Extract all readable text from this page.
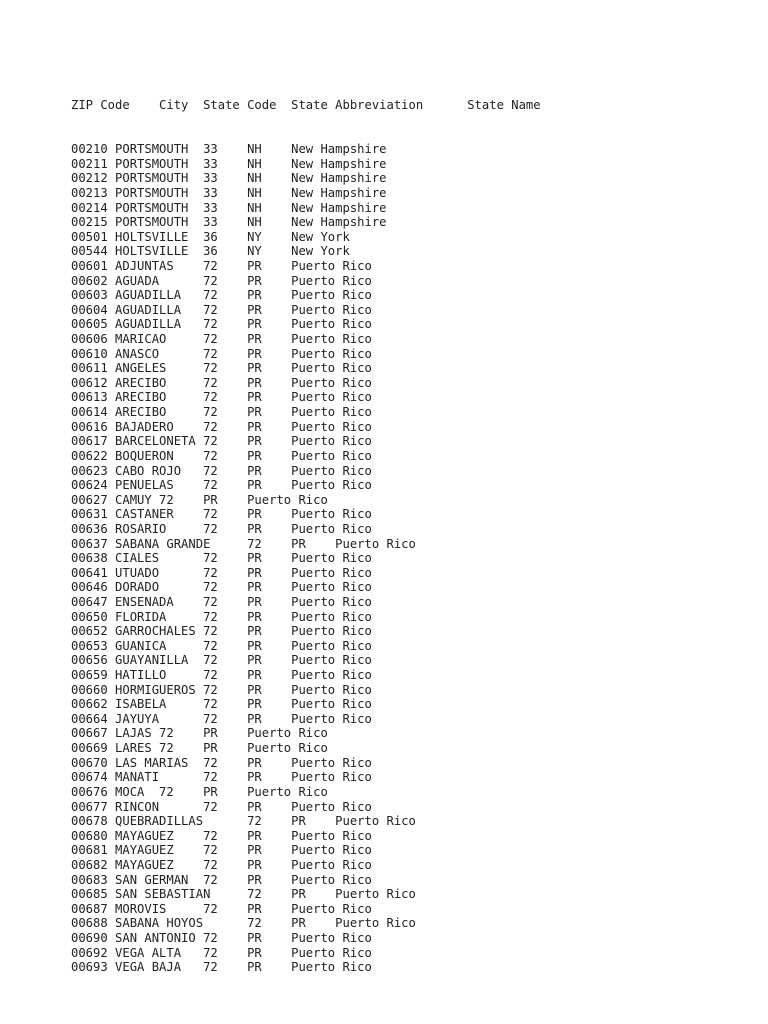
ZIP Code    City  State Code  State Abbreviation      State Name

00210 PORTSMOUTH  33    NH    New Hampshire
00211 PORTSMOUTH  33    NH    New Hampshire
00212 PORTSMOUTH  33    NH    New Hampshire
00213 PORTSMOUTH  33    NH    New Hampshire
00214 PORTSMOUTH  33    NH    New Hampshire
00215 PORTSMOUTH  33    NH    New Hampshire
00501 HOLTSVILLE  36    NY    New York
00544 HOLTSVILLE  36    NY    New York
00601 ADJUNTAS    72    PR    Puerto Rico
00602 AGUADA      72    PR    Puerto Rico
00603 AGUADILLA   72    PR    Puerto Rico
00604 AGUADILLA   72    PR    Puerto Rico
00605 AGUADILLA   72    PR    Puerto Rico
00606 MARICAO     72    PR    Puerto Rico
00610 ANASCO      72    PR    Puerto Rico
00611 ANGELES     72    PR    Puerto Rico
00612 ARECIBO     72    PR    Puerto Rico
00613 ARECIBO     72    PR    Puerto Rico
00614 ARECIBO     72    PR    Puerto Rico
00616 BAJADERO    72    PR    Puerto Rico
00617 BARCELONETA 72    PR    Puerto Rico
00622 BOQUERON    72    PR    Puerto Rico
00623 CABO ROJO   72    PR    Puerto Rico
00624 PENUELAS    72    PR    Puerto Rico
00627 CAMUY 72    PR    Puerto Rico
00631 CASTANER    72    PR    Puerto Rico
00636 ROSARIO     72    PR    Puerto Rico
00637 SABANA GRANDE     72    PR    Puerto Rico
00638 CIALES      72    PR    Puerto Rico
00641 UTUADO      72    PR    Puerto Rico
00646 DORADO      72    PR    Puerto Rico
00647 ENSENADA    72    PR    Puerto Rico
00650 FLORIDA     72    PR    Puerto Rico
00652 GARROCHALES 72    PR    Puerto Rico
00653 GUANICA     72    PR    Puerto Rico
00656 GUAYANILLA  72    PR    Puerto Rico
00659 HATILLO     72    PR    Puerto Rico
00660 HORMIGUEROS 72    PR    Puerto Rico
00662 ISABELA     72    PR    Puerto Rico
00664 JAYUYA      72    PR    Puerto Rico
00667 LAJAS 72    PR    Puerto Rico
00669 LARES 72    PR    Puerto Rico
00670 LAS MARIAS  72    PR    Puerto Rico
00674 MANATI      72    PR    Puerto Rico
00676 MOCA  72    PR    Puerto Rico
00677 RINCON      72    PR    Puerto Rico
00678 QUEBRADILLAS      72    PR    Puerto Rico
00680 MAYAGUEZ    72    PR    Puerto Rico
00681 MAYAGUEZ    72    PR    Puerto Rico
00682 MAYAGUEZ    72    PR    Puerto Rico
00683 SAN GERMAN  72    PR    Puerto Rico
00685 SAN SEBASTIAN     72    PR    Puerto Rico
00687 MOROVIS     72    PR    Puerto Rico
00688 SABANA HOYOS      72    PR    Puerto Rico
00690 SAN ANTONIO 72    PR    Puerto Rico
00692 VEGA ALTA   72    PR    Puerto Rico
00693 VEGA BAJA   72    PR    Puerto Rico
